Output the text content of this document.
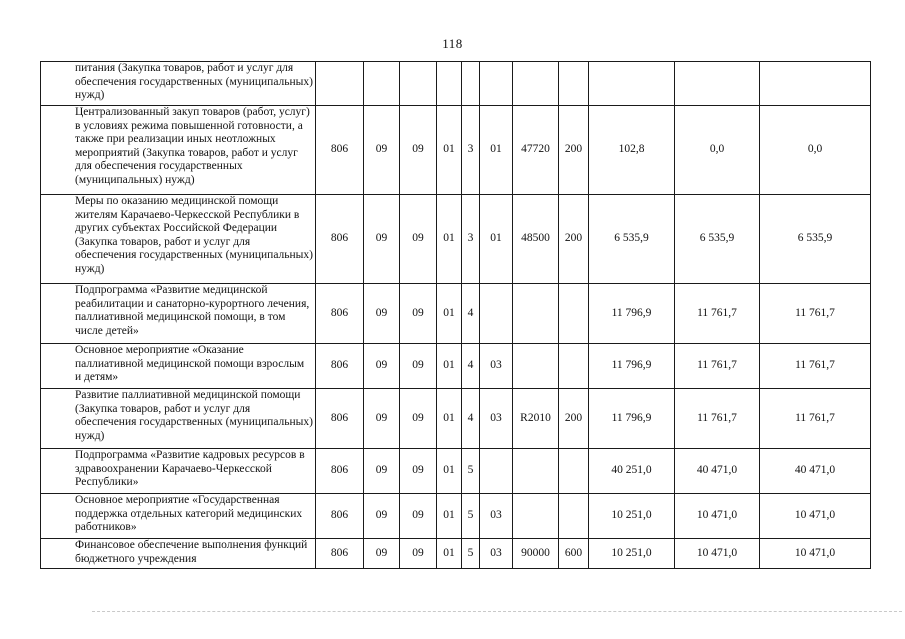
118
питания (Закупка товаров, работ и услуг для обеспечения государственных (муниципальных) нужд)											
Централизованный закуп товаров (работ, услуг) в условиях режима повышенной готовности, а также при реализации иных неотложных мероприятий (Закупка товаров, работ и услуг для обеспечения государственных (муниципальных) нужд)	806	09	09	01	3	01	47720	200	102,8	0,0	0,0
Меры по оказанию медицинской помощи жителям Карачаево-Черкесской Республики в других субъектах Российской Федерации (Закупка товаров, работ и услуг для обеспечения государственных (муниципальных) нужд)	806	09	09	01	3	01	48500	200	6 535,9	6 535,9	6 535,9
Подпрограмма «Развитие медицинской реабилитации и санаторно-курортного лечения, паллиативной медицинской помощи, в том числе детей»	806	09	09	01	4				11 796,9	11 761,7	11 761,7
Основное мероприятие «Оказание паллиативной медицинской помощи взрослым и детям»	806	09	09	01	4	03			11 796,9	11 761,7	11 761,7
Развитие паллиативной медицинской помощи (Закупка товаров, работ и услуг для обеспечения государственных (муниципальных) нужд)	806	09	09	01	4	03	R2010	200	11 796,9	11 761,7	11 761,7
Подпрограмма «Развитие кадровых ресурсов в здравоохранении Карачаево-Черкесской Республики»	806	09	09	01	5				40 251,0	40 471,0	40 471,0
Основное мероприятие «Государственная поддержка отдельных категорий медицинских работников»	806	09	09	01	5	03			10 251,0	10 471,0	10 471,0
Финансовое обеспечение выполнения функций бюджетного учреждения	806	09	09	01	5	03	90000	600	10 251,0	10 471,0	10 471,0
